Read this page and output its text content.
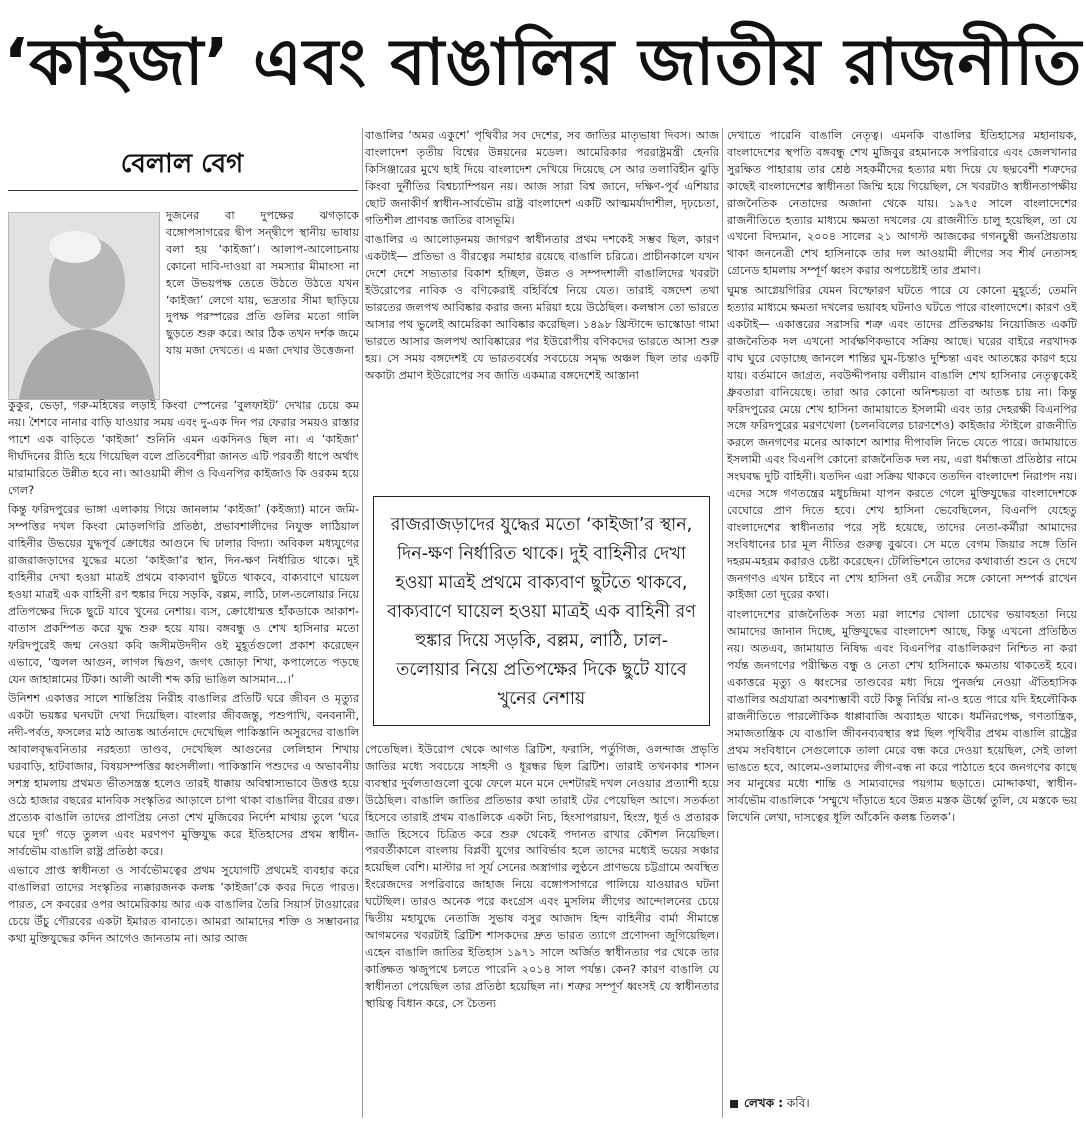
‘কাইজা’ এবং বাঙালির জাতীয় রাজনীতি
বেলাল বেগ
দুজনের বা দুপক্ষের ঝগড়াকে বঙ্গোপসাগরের দ্বীপ সন্দ্বীপে স্থানীয় ভাষায় বলা হয় ‘কাইজা’। আলাপ-আলোচনায় কোনো দাবি-দাওয়া বা সমস্যার মীমাংসা না হলে উভয়পক্ষ তেতে উঠতে উঠতে যখন ‘কাইজা’ লেগে যায়, ভদ্রতার সীমা ছাড়িয়ে দুপক্ষ পরস্পরের প্রতি গুলির মতো গালি ছুড়তে শুরু করে। আর ঠিক তখন দর্শক জমে যায় মজা দেখতে। এ মজা দেখার উত্তেজনা

কুকুর, ভেড়া, গরু-মহিষের লড়াই কিংবা স্পেনের ‘বুলফাইট’ দেখার চেয়ে কম নয়। শৈশবে নানার বাড়ি যাওয়ার সময় এবং দু-এক দিন পর ফেরার সময়ও রাস্তার পাশে এক বাড়িতে ‘কাইজা’ শুনিনি এমন একদিনও ছিল না। এ ‘কাইজা’ দীর্ঘদিনের রীতি হয়ে গিয়েছিল বলে প্রতিবেশীরা জানত এটি পরবর্তী ধাপে অর্থাৎ মারামারিতে উন্নীত হবে না। আওয়ামী লীগ ও বিএনপির কাইজাও কি ওরকম হয়ে গেল?

কিন্তু ফরিদপুরের ভাঙ্গা এলাকায় গিয়ে জানলাম ‘কাইজা’ (কইজ্যা) মানে জমি-সম্পত্তির দখল কিংবা মোড়লগিরি প্রতিষ্ঠা, প্রভাবশালীদের নিযুক্ত লাঠিয়াল বাহিনীর উভয়ের যুদ্ধপূর্ব ক্রোধের আগুনে ঘি ঢালার বিদ্যা। অবিকল মধ্যযুগের রাজরাজড়াদের যুদ্ধের মতো ‘কাইজা’র স্থান, দিন-ক্ষণ নির্ধারিত থাকে। দুই বাহিনীর দেখা হওয়া মাত্রই প্রথমে বাক্যবাণ ছুটতে থাকবে, বাক্যবাণে ঘায়েল হওয়া মাত্রই এক বাহিনী রণ হুঙ্কার দিয়ে সড়কি, বল্লম, লাঠি, ঢাল-তলোয়ার নিয়ে প্রতিপক্ষের দিকে ছুটে যাবে খুনের নেশায়। ব্যস, ক্রোধোন্মত্ত হাঁকডাকে আকাশ-বাতাস প্রকম্পিত করে যুদ্ধ শুরু হয়ে যায়। বঙ্গবন্ধু ও শেখ হাসিনার মতো ফরিদপুরেই জন্ম নেওয়া কবি জসীমউদদীন ওই মুহূর্তগুলো প্রকাশ করেছেন এভাবে, ‘জ্বলল আগুন, লাগল দ্বিগুণ, জগৎ জোড়া শিখা, কপালেতে পড়ছে যেন জাহান্নামের টিকা। আলী আলী শব্দ করি ভাঙিল আসমান...।’

উনিশশ একাত্তর সালে শান্তিপ্রিয় নিরীহ বাঙালির প্রতিটি ঘরে জীবন ও মৃত্যুর একটা ভয়ঙ্কর ঘনঘটা দেখা দিয়েছিল। বাংলার জীবজন্তু, পশুপাখি, বনবনানী, নদী-পর্বত, ফসলের মাঠ আতঙ্ক আর্তনাদে দেখেছিল পাকিস্তানি অসুরদের বাঙালি আবালবৃদ্ধবনিতার নরহত্যা তাণ্ডব, দেখেছিল আগুনের লেলিহান শিখায় ঘরবাড়ি, হাটবাজার, বিষয়সম্পত্তির ধ্বংসলীলা। পাকিস্তানি পশুদের এ অভাবনীয় সশস্ত্র হামলায় প্রথমত ভীতসন্ত্রস্ত হলেও তারই ধাক্কায় অবিশ্বাস্যভাবে উত্তপ্ত হয়ে ওঠে হাজার বছরের মানবিক সংস্কৃতির আড়ালে চাপা থাকা বাঙালির বীরের রক্ত। প্রত্যেক বাঙালি তাদের প্রাণপ্রিয় নেতা শেখ মুজিবের নির্দেশ মাথায় তুলে ‘ঘরে ঘরে দুর্গ’ গড়ে তুলল এবং মরণপণ মুক্তিযুদ্ধ করে ইতিহাসের প্রথম স্বাধীন-সার্বভৌম বাঙালি রাষ্ট্র প্রতিষ্ঠা করে।

এভাবে প্রাপ্ত স্বাধীনতা ও সার্বভৌমত্বের প্রথম সুযোগটি প্রথমেই ব্যবহার করে বাঙালিরা তাদের সংস্কৃতির ন্যক্কারজনক কলঙ্ক ‘কাইজা’কে কবর দিতে পারত। পারত, সে কবরের ওপর আমেরিকায় আর এক বাঙালির তৈরি সিয়ার্স টাওয়ারের চেয়ে উঁচু গৌরবের একটা ইমারত বানাতে। আমরা আমাদের শক্তি ও সম্ভাবনার কথা মুক্তিযুদ্ধের কদিন আগেও জানতাম না। আর আজ

বাঙালির ‘অমর একুশে’ পৃথিবীর সব দেশের, সব জাতির মাতৃভাষা দিবস। আজ বাংলাদেশ তৃতীয় বিশ্বের উন্নয়নের মডেল। আমেরিকার পররাষ্ট্রমন্ত্রী হেনরি কিসিঞ্জারের মুখে ছাই দিয়ে বাংলাদেশ দেখিয়ে দিয়েছে সে আর তলাবিহীন ঝুড়ি কিংবা দুর্নীতির বিশ্বচ্যাম্পিয়ন নয়। আজ সারা বিশ্ব জানে, দক্ষিণ-পূর্ব এশিয়ার ছোট জনাকীর্ণ স্বাধীন-সার্বভৌম রাষ্ট্র বাংলাদেশ একটি আত্মমর্যাদাশীল, দৃঢ়চেতা, গতিশীল প্রাণবন্ত জাতির বাসভূমি।

বাঙালির এ আলোড়নময় জাগরণ স্বাধীনতার প্রথম দশকেই সম্ভব ছিল, কারণ একটাই— প্রতিভা ও বীরত্বের সমাহার রয়েছে বাঙালি চরিত্রে। প্রাচীনকালে যখন দেশে দেশে সভ্যতার বিকাশ হচ্ছিল, উন্নত ও সম্পদশালী বাঙালিদের খবরটা ইউরোপের নাবিক ও বণিকেরাই বহির্বিশ্বে নিয়ে যেত। তারাই বঙ্গদেশ তথা ভারতের জলপথ আবিষ্কার করার জন্য মরিয়া হয়ে উঠেছিল। কলম্বাস তো ভারতে আসার পথ ভুলেই আমেরিকা আবিষ্কার করেছিল। ১৪৯৮ খ্রিস্টাব্দে ভাস্কোডা গামা ভারতে আসার জলপথ আবিষ্কারের পর ইউরোপীয় বণিকদের ভারতে আসা শুরু হয়। সে সময় বঙ্গদেশই যে ভারতবর্ষের সবচেয়ে সমৃদ্ধ অঞ্চল ছিল তার একটি অকাট্য প্রমাণ ইউরোপের সব জাতি একমাত্র বঙ্গদেশেই আস্তানা

রাজরাজড়াদের যুদ্ধের মতো ‘কাইজা’র স্থান, দিন-ক্ষণ নির্ধারিত থাকে। দুই বাহিনীর দেখা হওয়া মাত্রই প্রথমে বাক্যবাণ ছুটতে থাকবে, বাক্যবাণে ঘায়েল হওয়া মাত্রই এক বাহিনী রণ হুঙ্কার দিয়ে সড়কি, বল্লম, লাঠি, ঢাল-তলোয়ার নিয়ে প্রতিপক্ষের দিকে ছুটে যাবে খুনের নেশায়

পেতেছিল। ইউরোপ থেকে আগত ব্রিটিশ, ফরাসি, পর্তুগিজ, ওলন্দাজ প্রভৃতি জাতির মধ্যে সবচেয়ে সাহসী ও ধূরন্ধর ছিল ব্রিটিশ। তারাই তখনকার শাসন ব্যবস্থার দুর্বলতাগুলো বুঝে ফেলে মনে মনে দেশটারই দখল নেওয়ার প্রত্যাশী হয়ে উঠেছিল। বাঙালি জাতির প্রতিভার কথা তারাই টের পেয়েছিল আগে। সতর্কতা হিসেবে তারাই প্রথম বাঙালিকে একটা নিচ, হিংসাপরায়ণ, হিংস্র, ধূর্ত ও প্রতারক জাতি হিসেবে চিত্রিত করে শুরু থেকেই পদানত রাখার কৌশল নিয়েছিল। পরবর্তীকালে বাংলায় বিপ্লবী যুগের আবির্ভাব হলে তাদের মধ্যেই ভয়ের সঞ্চার হয়েছিল বেশি। মাস্টার দা সূর্য সেনের অস্ত্রাগার লুণ্ঠনে প্রাণভয়ে চট্টগ্রামে অবস্থিত ইংরেজদের সপরিবারে জাহাজ নিয়ে বঙ্গোপসাগরে পালিয়ে যাওয়ারও ঘটনা ঘটেছিল। তারও অনেক পরে কংগ্রেস এবং মুসলিম লীগের আন্দোলনের চেয়ে দ্বিতীয় মহাযুদ্ধে নেতাজি সুভাষ বসুর আজাদ হিন্দ বাহিনীর বার্মা সীমান্তে আগমনের খবরটাই ব্রিটিশ শাসকদের দ্রুত ভারত ত্যাগে প্রণোদনা জুগিয়েছিল। এহেন বাঙালি জাতির ইতিহাস ১৯৭১ সালে অর্জিত স্বাধীনতার পর থেকে তার কাঙ্ক্ষিত ঋজুপথে চলতে পারেনি ২০১৪ সাল পর্যন্ত। কেন? কারণ বাঙালি যে স্বাধীনতা পেয়েছিল তার প্রতিষ্ঠা হয়েছিল না। শত্রুর সম্পূর্ণ ধ্বংসই যে স্বাধীনতার স্থায়িত্ব বিধান করে, সে চৈতন্য

দেখাতে পারেনি বাঙালি নেতৃত্ব। এমনকি বাঙালির ইতিহাসের মহানায়ক, বাংলাদেশের স্থপতি বঙ্গবন্ধু শেখ মুজিবুর রহমানকে সপরিবারে এবং জেলখানার সুরক্ষিত পাহারায় তার শ্রেষ্ঠ সহকর্মীদের হত্যার মধ্য দিয়ে যে ছদ্মবেশী শত্রুদের কাছেই বাংলাদেশের স্বাধীনতা জিম্মি হয়ে গিয়েছিল, সে খবরটাও স্বাধীনতাপক্ষীয় রাজনৈতিক নেতাদের অজানা থেকে যায়। ১৯৭৫ সালে বাংলাদেশের রাজনীতিতে হত্যার মাধ্যমে ক্ষমতা দখলের যে রাজনীতি চালু হয়েছিল, তা যে এখনো বিদ্যমান, ২০০৪ সালের ২১ আগস্ট আজকের গগনচুম্বী জনপ্রিয়তায় থাকা জননেত্রী শেখ হাসিনাকে তার দল আওয়ামী লীগের সব শীর্ষ নেতাসহ গ্রেনেড হামলায় সম্পূর্ণ ধ্বংস করার অপচেষ্টাই তার প্রমাণ।

ঘুমন্ত আগ্নেয়গিরির যেমন বিস্ফোরণ ঘটতে পারে যে কোনো মুহূর্তে; তেমনি হত্যার মাধ্যমে ক্ষমতা দখলের ভয়াবহ ঘটনাও ঘটতে পারে বাংলাদেশে। কারণ ওই একটাই— একাত্তরের সরাসরি শত্রু এবং তাদের প্রতিরক্ষায় নিয়োজিত একটি রাজনৈতিক দল এখনো সার্বক্ষণিকভাবে সক্রিয় আছে। ঘরের বাইরে নরখাদক বাঘ ঘুরে বেড়াচ্ছে জানলে শান্তির ঘুম-চিন্তাও দুশ্চিন্তা এবং আতঙ্কের কারণ হয়ে যায়। বর্তমানে জাগ্রত, নবউদ্দীপনায় বলীয়ান বাঙালি শেখ হাসিনার নেতৃত্বকেই ধ্রুবতারা বানিয়েছে। তারা আর কোনো অনিশ্চয়তা বা আতঙ্ক চায় না। কিন্তু ফরিদপুরের মেয়ে শেখ হাসিনা জামায়াতে ইসলামী এবং তার দেহরক্ষী বিএনপির সঙ্গে ফরিদপুরের মরণখেলা (চলনবিলের চারণশেও) কাইজার স্টাইলে রাজনীতি করলে জনগণের মনের আকাশে আশার দীপাবলি নিভে যেতে পারে। জামায়াতে ইসলামী এবং বিএনপি কোনো রাজনৈতিক দল নয়, এরা ধর্মান্ধতা প্রতিষ্ঠার নামে সংঘবদ্ধ দুটি বাহিনী। যতদিন এরা সক্রিয় থাকবে ততদিন বাংলাদেশ নিরাপদ নয়। এদের সঙ্গে গণতন্ত্রের মধুচন্দ্রিমা যাপন করতে গেলে মুক্তিযুদ্ধের বাংলাদেশকে বেঘোরে প্রাণ দিতে হবে। শেখ হাসিনা ভেবেছিলেন, বিএনপি যেহেতু বাংলাদেশের স্বাধীনতার পরে সৃষ্ট হয়েছে, তাদের নেতা-কর্মীরা আমাদের সংবিধানের চার মূল নীতির গুরুত্ব বুঝবে। সে মতে বেগম জিয়ার সঙ্গে তিনি দহরম-মহরম করারও চেষ্টা করেছেন। টেলিভিশনে তাদের কথাবার্তা শুনে ও দেখে জনগণও এখন চাইবে না শেখ হাসিনা ওই নেত্রীর সঙ্গে কোনো সম্পর্ক রাখেন কাইজা তো দূরের কথা।

বাংলাদেশের রাজনৈতিক সত্য মরা লাশের খোলা চোখের ভয়াবহতা নিয়ে আমাদের জানান দিচ্ছে, মুক্তিযুদ্ধের বাংলাদেশ আছে, কিন্তু এখনো প্রতিষ্ঠিত নয়। অতএব, জামায়াত নিষিদ্ধ এবং বিএনপির বাঙালিকরণ নিশ্চিত না করা পর্যন্ত জনগণের পরীক্ষিত বন্ধু ও নেতা শেখ হাসিনাকে ক্ষমতায় থাকতেই হবে। একাত্তরে মৃত্যু ও ধ্বংসের তাণ্ডবের মধ্য দিয়ে পুনর্জন্ম নেওয়া ঐতিহাসিক বাঙালির অগ্রযাত্রা অবশ্যম্ভাবী বটে কিন্তু নির্বিঘ্ন না-ও হতে পারে যদি ইহলৌকিক রাজনীতিতে পারলৌকিক ধাপ্পাবাজি অব্যাহত থাকে। ধর্মনিরপেক্ষ, গণতান্ত্রিক, সমাজতান্ত্রিক যে বাঙালি জীবনব্যবস্থার স্বপ্ন ছিল পৃথিবীর প্রথম বাঙালি রাষ্ট্রের প্রথম সংবিধানে সেগুলোকে তালা মেরে বন্ধ করে দেওয়া হয়েছিল, সেই তালা ভাঙতে হবে, আলেম-ওলামাদের লীগ-বন্ধ না করে পাঠাতে হবে জনগণের কাছে সব মানুষের মধ্যে শান্তি ও সাম্যবাদের পয়গাম ছড়াতে। মোদ্দাকথা, স্বাধীন-সার্বভৌম বাঙালিকে ‘সম্মুখে দাঁড়াতে হবে উন্নত মস্তক ঊর্ধ্বে তুলি, যে মস্তকে ভয় লিখেনি লেখা, দাসত্বের ধূলি আঁকেনি কলঙ্ক তিলক’।

লেখক : কবি।
